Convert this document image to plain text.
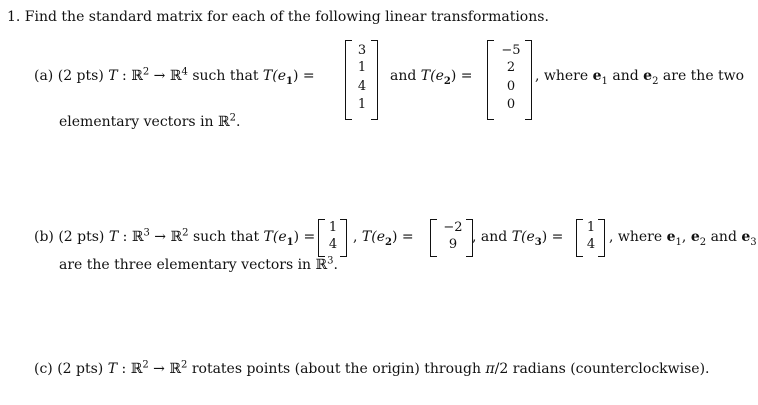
1. Find the standard matrix for each of the following linear transformations.
(a) (2 pts) T : ℝ$^2$ → ℝ$^4$ such that $T(e_1)$ =
3
1
4
1
and $T(e_2)$ =
−5
2
0
0
, where $e_1$ and $e_2$ are the two
elementary vectors in ℝ$^2$.
(b) (2 pts) T : ℝ$^3$ → ℝ$^2$ such that $T(e_1)$ =
1
4	, $T(e_2)$ =
−2
9	, and $T(e_3)$ =
1
4 , where $e_1$, $e_2$ and $e_3$
are the three elementary vectors in ℝ$^3$.
(c) (2 pts) T : ℝ$^2$ → ℝ$^2$ rotates points (about the origin) through π/2 radians (counterclockwise).
